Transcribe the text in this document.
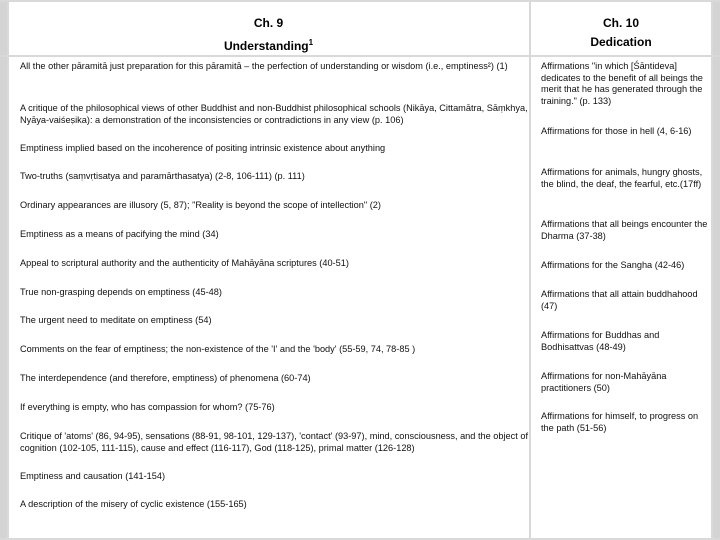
Ch. 9
Understanding$^1$
Ch. 10
Dedication
All the other pāramitā just preparation for this pāramitā – the perfection of understanding or wisdom (i.e., emptiness²) (1)
A critique of the philosophical views of other Buddhist and non-Buddhist philosophical schools (Nikāya, Cittamātra, Sāṃkhya, Nyāya-vaiśeṣika): a demonstration of the inconsistencies or contradictions in any view (p. 106)
Emptiness implied based on the incoherence of positing intrinsic existence about anything
Two-truths (saṃvṛtisatya and paramārthasatya) (2-8, 106-111) (p. 111)
Ordinary appearances are illusory (5, 87); "Reality is beyond the scope of intellection" (2)
Emptiness as a means of pacifying the mind (34)
Appeal to scriptural authority and the authenticity of Mahāyāna scriptures (40-51)
True non-grasping depends on emptiness (45-48)
The urgent need to meditate on emptiness (54)
Comments on the fear of emptiness; the non-existence of the 'I' and the 'body' (55-59, 74, 78-85 )
The interdependence (and therefore, emptiness) of phenomena (60-74)
If everything is empty, who has compassion for whom? (75-76)
Critique of 'atoms' (86, 94-95), sensations (88-91, 98-101, 129-137), 'contact' (93-97), mind, consciousness, and the object of cognition (102-105, 111-115), cause and effect (116-117), God (118-125), primal matter (126-128)
Emptiness and causation (141-154)
A description of the misery of cyclic existence (155-165)
Affirmations "in which [Śāntideva] dedicates to the benefit of all beings the merit that he has generated through the training." (p. 133)
Affirmations for those in hell (4, 6-16)
Affirmations for animals, hungry ghosts, the blind, the deaf, the fearful, etc.(17ff)
Affirmations that all beings encounter the Dharma (37-38)
Affirmations for the Sangha (42-46)
Affirmations that all attain buddhahood (47)
Affirmations for Buddhas and Bodhisattvas (48-49)
Affirmations for non-Mahāyāna practitioners (50)
Affirmations for himself, to progress on the path (51-56)
